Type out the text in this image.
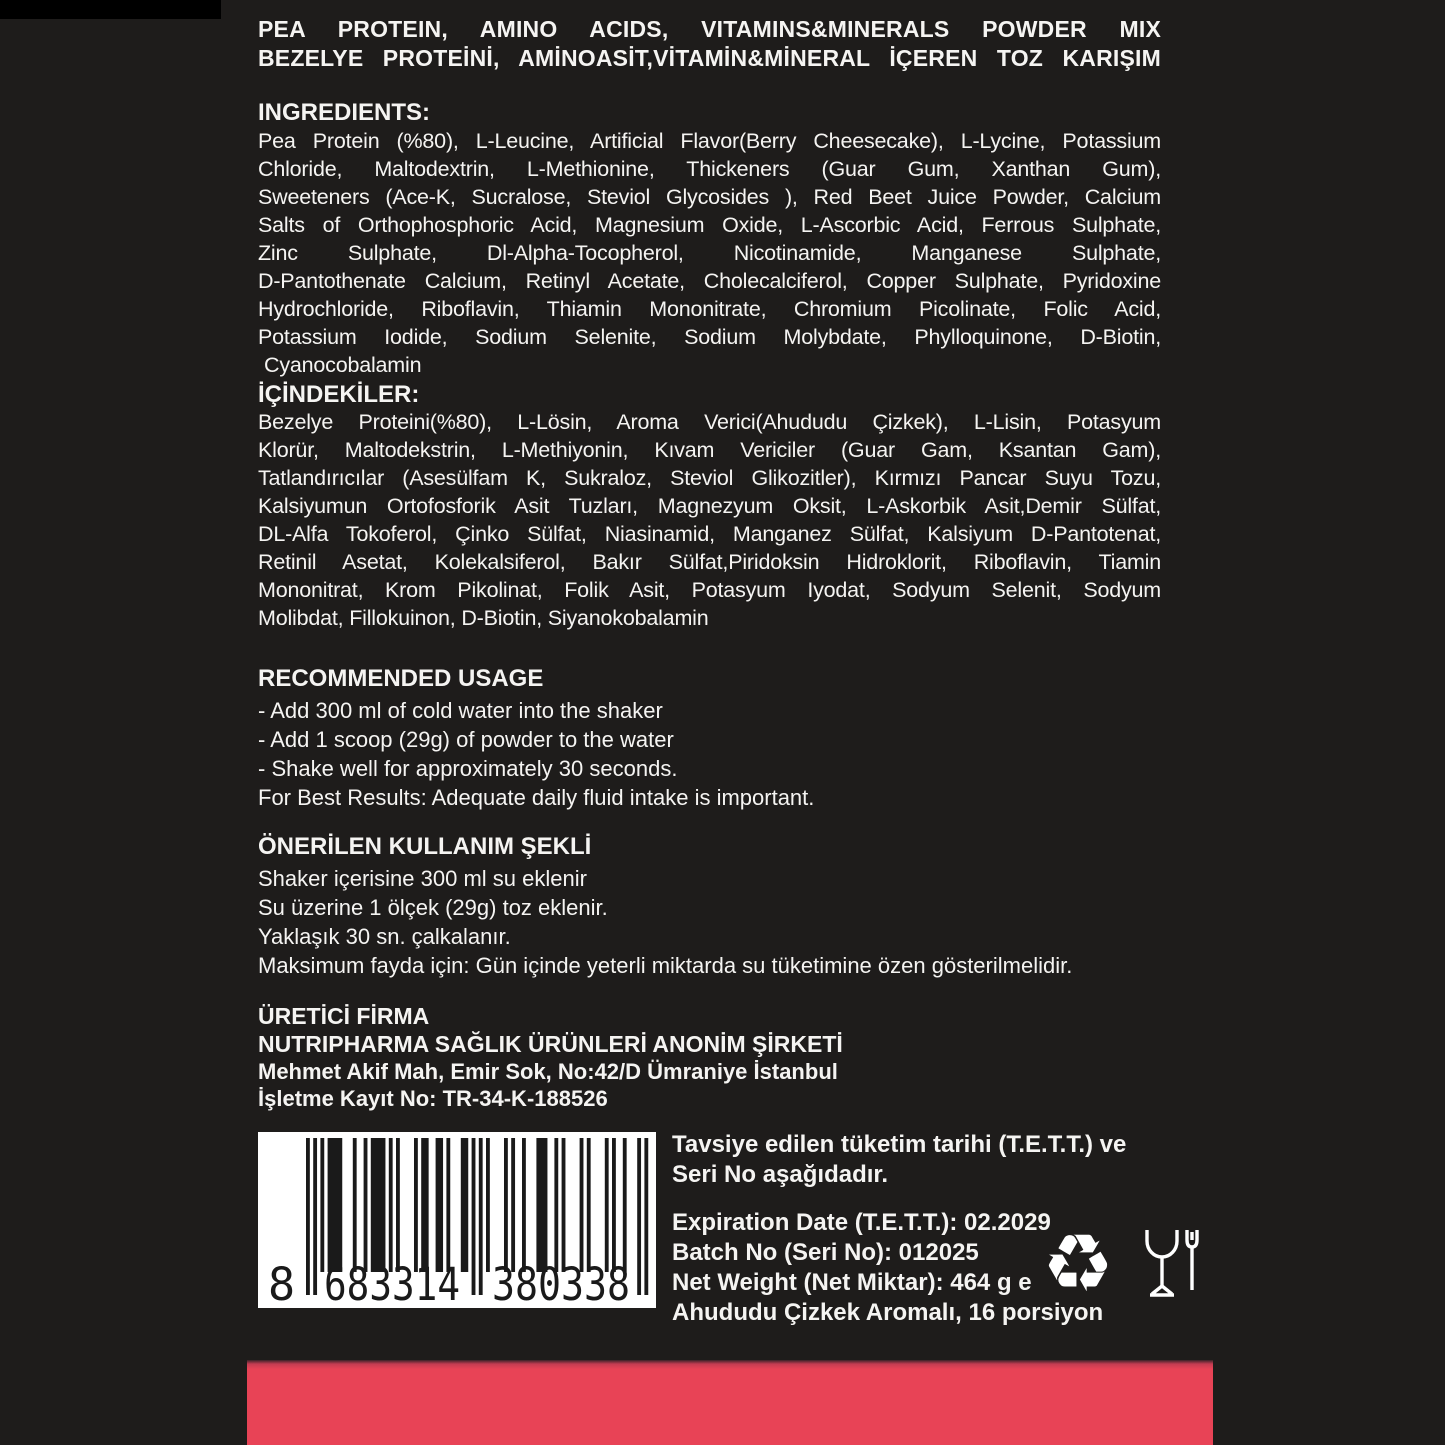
PEA PROTEIN, AMINO ACIDS, VITAMINS&MINERALS POWDER MIX
BEZELYE PROTEİNİ, AMİNOASİT,VİTAMİN&MİNERAL İÇEREN TOZ KARIŞIM
INGREDIENTS:
Pea Protein (%80), L-Leucine, Artificial Flavor(Berry Cheesecake), L-Lycine, Potassium
Chloride, Maltodextrin, L-Methionine, Thickeners (Guar Gum, Xanthan Gum),
Sweeteners (Ace-K, Sucralose, Steviol Glycosides ), Red Beet Juice Powder, Calcium
Salts of Orthophosphoric Acid, Magnesium Oxide, L-Ascorbic Acid, Ferrous Sulphate,
Zinc Sulphate, Dl-Alpha-Tocopherol, Nicotinamide, Manganese Sulphate,
D-Pantothenate Calcium, Retinyl Acetate, Cholecalciferol, Copper Sulphate, Pyridoxine
Hydrochloride, Riboflavin, Thiamin Mononitrate, Chromium Picolinate, Folic Acid,
Potassium Iodide, Sodium Selenite, Sodium Molybdate, Phylloquinone, D-Biotin,
Cyanocobalamin
İÇİNDEKİLER:
Bezelye Proteini(%80), L-Lösin, Aroma Verici(Ahududu Çizkek), L-Lisin, Potasyum
Klorür, Maltodekstrin, L-Methiyonin, Kıvam Vericiler (Guar Gam, Ksantan Gam),
Tatlandırıcılar (Asesülfam K, Sukraloz, Steviol Glikozitler), Kırmızı Pancar Suyu Tozu,
Kalsiyumun Ortofosforik Asit Tuzları, Magnezyum Oksit, L-Askorbik Asit,Demir Sülfat,
DL-Alfa Tokoferol, Çinko Sülfat, Niasinamid, Manganez Sülfat, Kalsiyum D-Pantotenat,
Retinil Asetat, Kolekalsiferol, Bakır Sülfat,Piridoksin Hidroklorit, Riboflavin, Tiamin
Mononitrat, Krom Pikolinat, Folik Asit, Potasyum Iyodat, Sodyum Selenit, Sodyum
Molibdat, Fillokuinon, D-Biotin, Siyanokobalamin
RECOMMENDED USAGE
- Add 300 ml of cold water into the shaker
- Add 1 scoop (29g) of powder to the water
- Shake well for approximately 30 seconds.
For Best Results: Adequate daily fluid intake is important.
ÖNERİLEN KULLANIM ŞEKLİ
Shaker içerisine 300 ml su eklenir
Su üzerine 1 ölçek (29g) toz eklenir.
Yaklaşık 30 sn. çalkalanır.
Maksimum fayda için: Gün içinde yeterli miktarda su tüketimine özen gösterilmelidir.
ÜRETİCİ FİRMA
NUTRIPHARMA SAĞLIK ÜRÜNLERİ ANONİM ŞİRKETİ
Mehmet Akif Mah, Emir Sok, No:42/D Ümraniye İstanbul
İşletme Kayıt No: TR-34-K-188526
8 683314 380338
Tavsiye edilen tüketim tarihi (T.E.T.T.) ve
Seri No aşağıdadır.
Expiration Date (T.E.T.T.): 02.2029
Batch No (Seri No): 012025
Net Weight (Net Miktar): 464 g e
Ahududu Çizkek Aromalı, 16 porsiyon
♻
